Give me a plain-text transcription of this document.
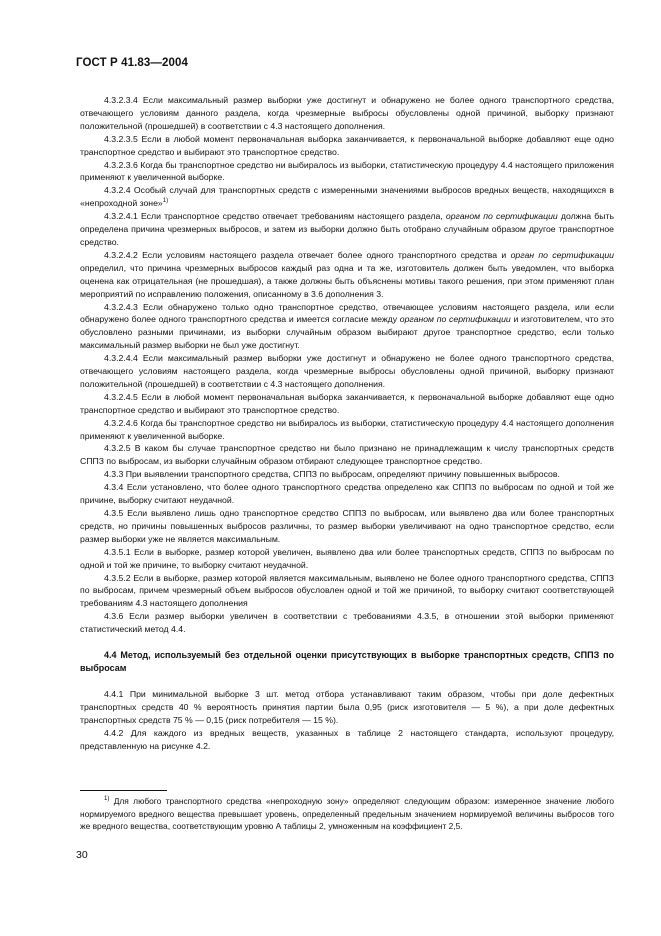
ГОСТ Р 41.83—2004

4.3.2.3.4 Если максимальный размер выборки уже достигнут и обнаружено не более одного транспортного средства, отвечающего условиям данного раздела, когда чрезмерные выбросы обусловлены одной причиной, выборку признают положительной (прошедшей) в соответствии с 4.3 настоящего дополнения.

4.3.2.3.5 Если в любой момент первоначальная выборка заканчивается, к первоначальной выборке добавляют еще одно транспортное средство и выбирают это транспортное средство.

4.3.2.3.6 Когда бы транспортное средство ни выбиралось из выборки, статистическую процедуру 4.4 настоящего приложения применяют к увеличенной выборке.

4.3.2.4 Особый случай для транспортных средств с измеренными значениями выбросов вредных веществ, находящихся в «непроходной зоне»$^{1)}$

4.3.2.4.1 Если транспортное средство отвечает требованиям настоящего раздела, органом по сертификации должна быть определена причина чрезмерных выбросов, и затем из выборки должно быть отобрано случайным образом другое транспортное средство.

4.3.2.4.2 Если условиям настоящего раздела отвечает более одного транспортного средства и орган по сертификации определил, что причина чрезмерных выбросов каждый раз одна и та же, изготовитель должен быть уведомлен, что выборка оценена как отрицательная (не прошедшая), а также должны быть объяснены мотивы такого решения, при этом применяют план мероприятий по исправлению положения, описанному в 3.6 дополнения 3.

4.3.2.4.3 Если обнаружено только одно транспортное средство, отвечающее условиям настоящего раздела, или если обнаружено более одного транспортного средства и имеется согласие между органом по сертификации и изготовителем, что это обусловлено разными причинами, из выборки случайным образом выбирают другое транспортное средство, если только максимальный размер выборки не был уже достигнут.

4.3.2.4.4 Если максимальный размер выборки уже достигнут и обнаружено не более одного транспортного средства, отвечающего условиям настоящего раздела, когда чрезмерные выбросы обусловлены одной причиной, выборку признают положительной (прошедшей) в соответствии с 4.3 настоящего дополнения.

4.3.2.4.5 Если в любой момент первоначальная выборка заканчивается, к первоначальной выборке добавляют еще одно транспортное средство и выбирают это транспортное средство.

4.3.2.4.6 Когда бы транспортное средство ни выбиралось из выборки, статистическую процедуру 4.4 настоящего дополнения применяют к увеличенной выборке.

4.3.2.5 В каком бы случае транспортное средство ни было признано не принадлежащим к числу транспортных средств СППЗ по выбросам, из выборки случайным образом отбирают следующее транспортное средство.

4.3.3 При выявлении транспортного средства, СППЗ по выбросам, определяют причину повышенных выбросов.

4.3.4 Если установлено, что более одного транспортного средства определено как СППЗ по выбросам по одной и той же причине, выборку считают неудачной.

4.3.5 Если выявлено лишь одно транспортное средство СППЗ по выбросам, или выявлено два или более транспортных средств, но причины повышенных выбросов различны, то размер выборки увеличивают на одно транспортное средство, если размер выборки уже не является максимальным.

4.3.5.1 Если в выборке, размер которой увеличен, выявлено два или более транспортных средств, СППЗ по выбросам по одной и той же причине, то выборку считают неудачной.

4.3.5.2 Если в выборке, размер которой является максимальным, выявлено не более одного транспортного средства, СППЗ по выбросам, причем чрезмерный объем выбросов обусловлен одной и той же причиной, то выборку считают соответствующей требованиям 4.3 настоящего дополнения

4.3.6 Если размер выборки увеличен в соответствии с требованиями 4.3.5, в отношении этой выборки применяют статистический метод 4.4.

4.4 Метод, используемый без отдельной оценки присутствующих в выборке транспортных средств, СППЗ по выбросам

4.4.1 При минимальной выборке 3 шт. метод отбора устанавливают таким образом, чтобы при доле дефектных транспортных средств 40 % вероятность принятия партии была 0,95 (риск изготовителя — 5 %), а при доле дефектных транспортных средств 75 % — 0,15 (риск потребителя — 15 %).

4.4.2 Для каждого из вредных веществ, указанных в таблице 2 настоящего стандарта, используют процедуру, представленную на рисунке 4.2.

$^{1)}$ Для любого транспортного средства «непроходную зону» определяют следующим образом: измеренное значение любого нормируемого вредного вещества превышает уровень, определенный предельным значением нормируемой величины выбросов того же вредного вещества, соответствующим уровню А таблицы 2, умноженным на коэффициент 2,5.
30
